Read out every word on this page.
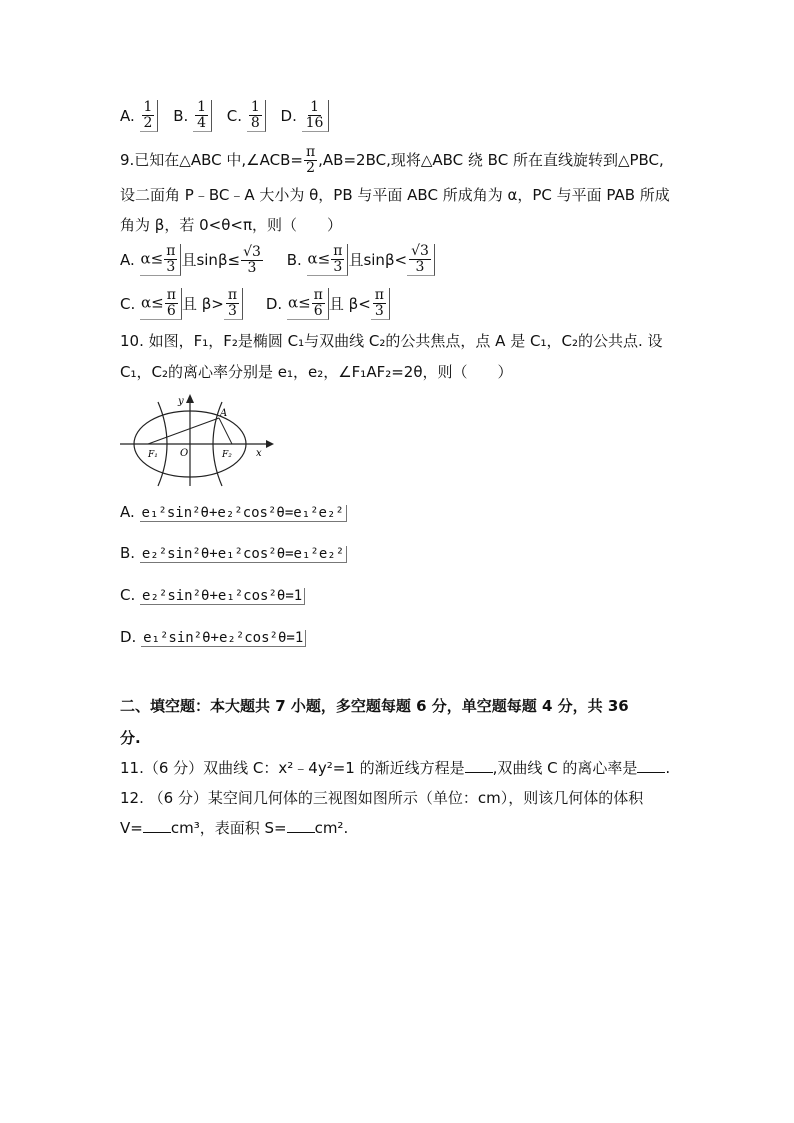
A. $\frac{1}{2} B$. $\frac{1}{4} C$. $\frac{1}{8} D$. $\frac{1}{16}$
9.已知在△ABC 中,∠ACB= $\frac{\pi}{2} ,AB=2BC$,现将△ABC 绕 BC 所在直线旋转到△PBC,
设二面角 P﹣BC﹣A 大小为 θ，PB 与平面 ABC 所成角为 α，PC 与平面 PAB 所成
角为 β，若 0<θ<π，则（　　）
A. $\alpha\le \frac{\pi}{3}$ 且$\sin\beta\le \frac{√3}{3} B$. $\alpha\le \frac{\pi}{3}$ 且$\sin\beta< \frac{√3}{3}$
C. $\alpha\le \frac{\pi}{6}$ 且 $\beta> \frac{\pi}{3} D$. $\alpha\le \frac{\pi}{6}$ 且 $\beta< \frac{\pi}{3}$
10. 如图，F₁，F₂是椭圆 C₁与双曲线 C₂的公共焦点，点 A 是 C₁，C₂的公共点. 设
C₁，C₂的离心率分别是 e₁，e₂，∠F₁AF₂=2θ，则（　　）
y
A
O
F₁	F₂ x
A. e₁²sin²θ+e₂²cos²θ=e₁²e₂²
B. e₂²sin²θ+e₁²cos²θ=e₁²e₂²
C. e₂²sin²θ+e₁²cos²θ=1
D. e₁²sin²θ+e₂²cos²θ=1
二、填空题：本大题共 7 小题，多空题每题 6 分，单空题每题 4 分，共 36
分.
11.（6 分）双曲线 C：x²﹣4y²=1 的渐近线方程是 ,双曲线 C 的离心率是 .
12. （6 分）某空间几何体的三视图如图所示（单位：cm），则该几何体的体积
V= cm³，表面积 S= cm².
